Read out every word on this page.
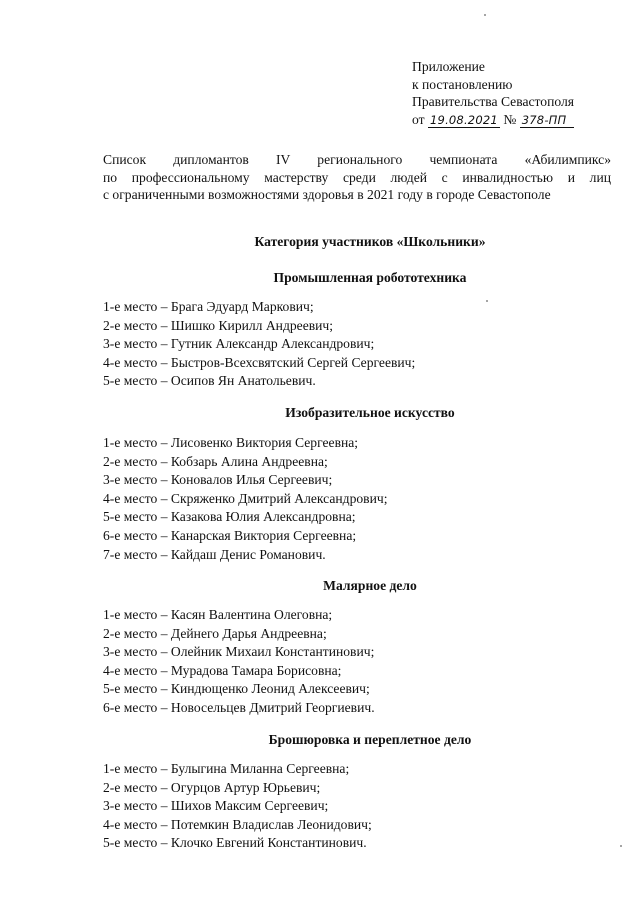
Приложение
к постановлению
Правительства Севастополя
от 19.08.2021 № 378-ПП
Список дипломантов IV регионального чемпионата «Абилимпикс»
по профессиональному мастерству среди людей с инвалидностью и лиц
с ограниченными возможностями здоровья в 2021 году в городе Севастополе
Категория участников «Школьники»
Промышленная робототехника
1-е место – Брага Эдуард Маркович;
2-е место – Шишко Кирилл Андреевич;
3-е место – Гутник Александр Александрович;
4-е место – Быстров-Всехсвятский Сергей Сергеевич;
5-е место – Осипов Ян Анатольевич.
Изобразительное искусство
1-е место – Лисовенко Виктория Сергеевна;
2-е место – Кобзарь Алина Андреевна;
3-е место – Коновалов Илья Сергеевич;
4-е место – Скряженко Дмитрий Александрович;
5-е место – Казакова Юлия Александровна;
6-е место – Канарская Виктория Сергеевна;
7-е место – Кайдаш Денис Романович.
Малярное дело
1-е место – Касян Валентина Олеговна;
2-е место – Дейнего Дарья Андреевна;
3-е место – Олейник Михаил Константинович;
4-е место – Мурадова Тамара Борисовна;
5-е место – Киндющенко Леонид Алексеевич;
6-е место – Новосельцев Дмитрий Георгиевич.
Брошюровка и переплетное дело
1-е место – Булыгина Миланна Сергеевна;
2-е место – Огурцов Артур Юрьевич;
3-е место – Шихов Максим Сергеевич;
4-е место – Потемкин Владислав Леонидович;
5-е место – Клочко Евгений Константинович.
